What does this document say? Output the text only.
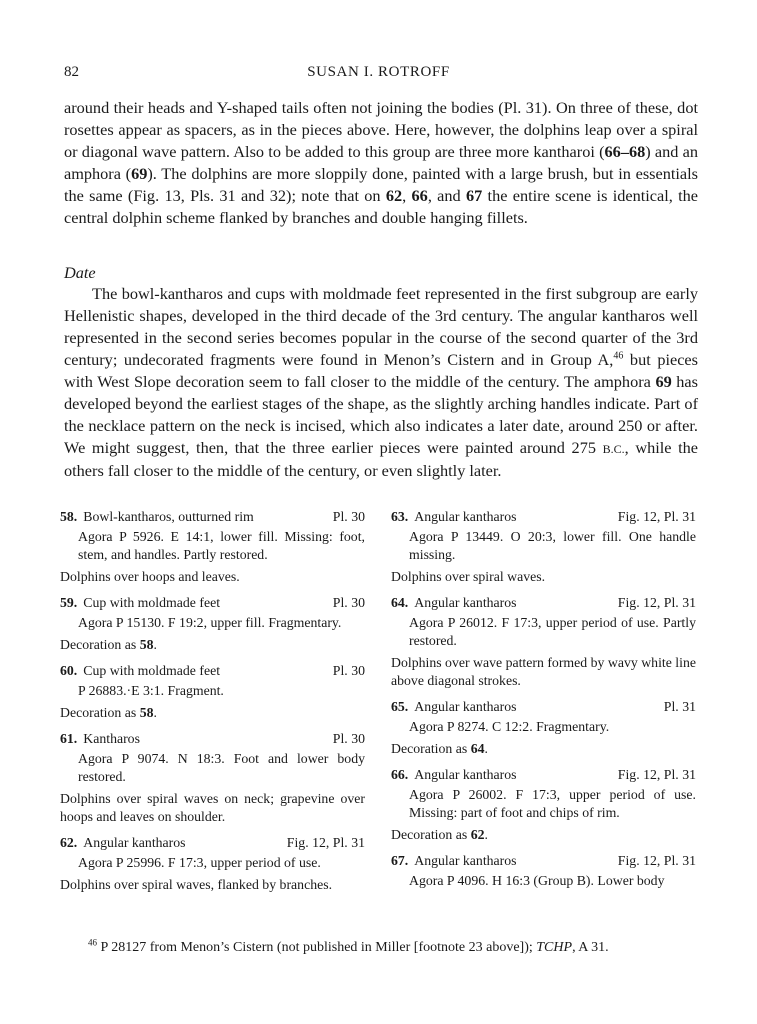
82	SUSAN I. ROTROFF

around their heads and Y-shaped tails often not joining the bodies (Pl. 31). On three of these, dot rosettes appear as spacers, as in the pieces above. Here, however, the dolphins leap over a spiral or diagonal wave pattern. Also to be added to this group are three more kantharoi (66–68) and an amphora (69). The dolphins are more sloppily done, painted with a large brush, but in essentials the same (Fig. 13, Pls. 31 and 32); note that on 62, 66, and 67 the entire scene is identical, the central dolphin scheme flanked by branches and double hanging fillets.

Date

The bowl-kantharos and cups with moldmade feet represented in the first subgroup are early Hellenistic shapes, developed in the third decade of the 3rd century. The angular kantharos well represented in the second series becomes popular in the course of the second quarter of the 3rd century; undecorated fragments were found in Menon’s Cistern and in Group A,$^{46}$ but pieces with West Slope decoration seem to fall closer to the middle of the century. The amphora 69 has developed beyond the earliest stages of the shape, as the slightly arching handles indicate. Part of the necklace pattern on the neck is incised, which also indicates a later date, around 250 or after. We might suggest, then, that the three earlier pieces were painted around 275 B.C., while the others fall closer to the middle of the century, or even slightly later.

58. Bowl-kantharos, outturned rim	Pl. 30
Agora P 5926. E 14:1, lower fill. Missing: foot, stem, and handles. Partly restored.
Dolphins over hoops and leaves.
59. Cup with moldmade feet	Pl. 30
Agora P 15130. F 19:2, upper fill. Fragmentary.
Decoration as 58.
60. Cup with moldmade feet	Pl. 30
P 26883.·E 3:1. Fragment.
Decoration as 58.
61. Kantharos	Pl. 30
Agora P 9074. N 18:3. Foot and lower body restored.
Dolphins over spiral waves on neck; grapevine over hoops and leaves on shoulder.
62. Angular kantharos	Fig. 12, Pl. 31
Agora P 25996. F 17:3, upper period of use.
Dolphins over spiral waves, flanked by branches.
63. Angular kantharos	Fig. 12, Pl. 31
Agora P 13449. O 20:3, lower fill. One handle missing.
Dolphins over spiral waves.
64. Angular kantharos	Fig. 12, Pl. 31
Agora P 26012. F 17:3, upper period of use. Partly restored.
Dolphins over wave pattern formed by wavy white line above diagonal strokes.
65. Angular kantharos	Pl. 31
Agora P 8274. C 12:2. Fragmentary.
Decoration as 64.
66. Angular kantharos	Fig. 12, Pl. 31
Agora P 26002. F 17:3, upper period of use. Missing: part of foot and chips of rim.
Decoration as 62.
67. Angular kantharos	Fig. 12, Pl. 31
Agora P 4096. H 16:3 (Group B). Lower body
$^{46}$ P 28127 from Menon’s Cistern (not published in Miller [footnote 23 above]); TCHP, A 31.
